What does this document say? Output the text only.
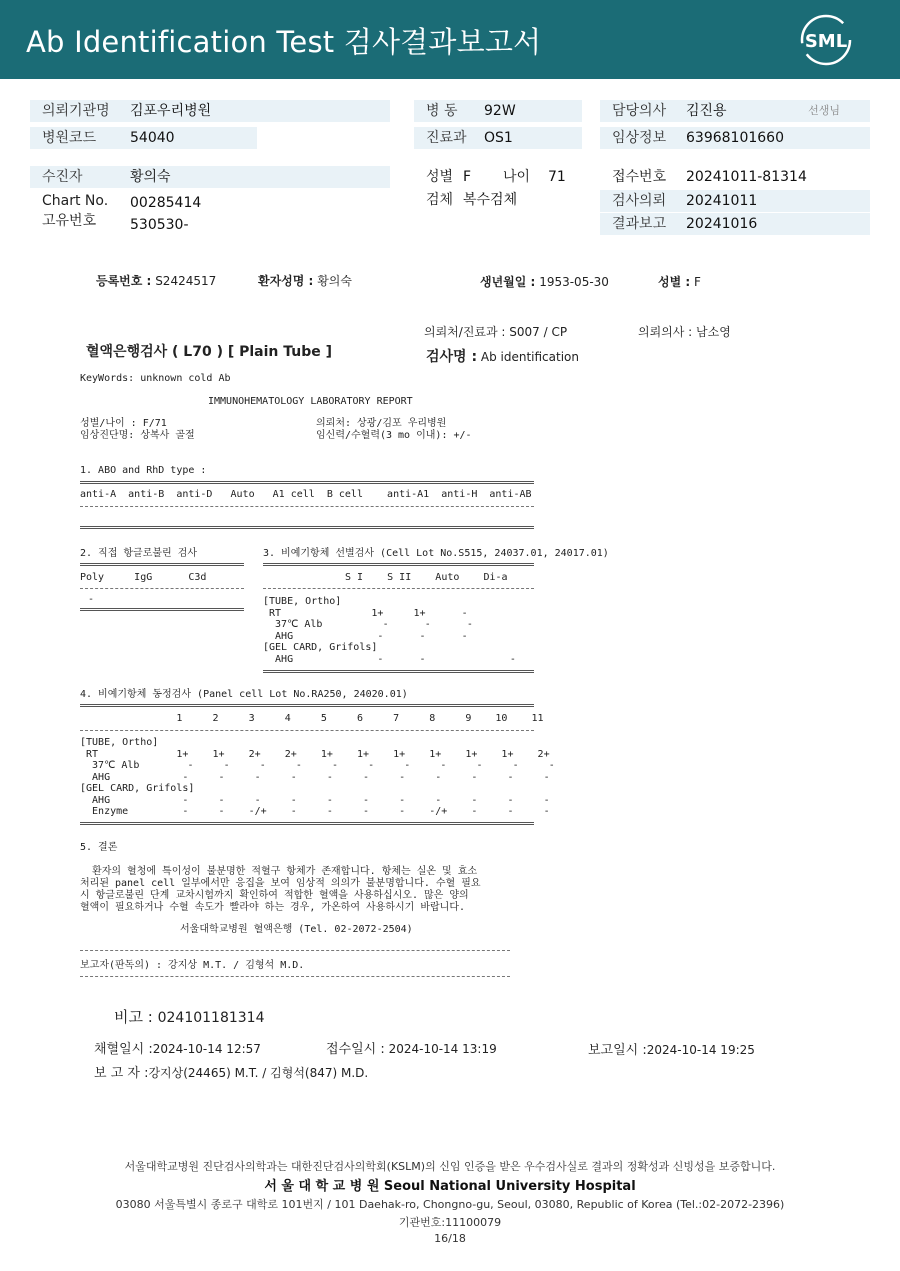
Ab Identification Test 검사결과보고서	SML
의뢰기관명 김포우리병원
병원코드 54040
병 동 92W
진료과 OS1
담당의사 김진용	선생님
임상정보 63968101660
수진자	황의숙
Chart No. 00285414
고유번호 530530-
성별 F 나이 71
검체 복수검체
접수번호 20241011-81314
검사의뢰 20241011
결과보고 20241016
등록번호 : S2424517	환자성명 : 황의숙	생년월일 : 1953-05-30	성별 : F
의뢰처/진료과 : S007 / CP	의뢰의사 : 남소영
혈액은행검사 ( L70 ) [ Plain Tube ]	검사명 : Ab identification
KeyWords: unknown cold Ab
IMMUNOHEMATOLOGY LABORATORY REPORT
성별/나이 : F/71
임상진단명: 상복사 골절
의뢰처: 상광/김포 우리병원
임신력/수혈력(3 mo 이내): +/-
1. ABO and RhD type :
anti-A  anti-B  anti-D   Auto   A1 cell  B cell    anti-A1  anti-H  anti-AB
2. 직접 항글로불린 검사
Poly     IgG      C3d
-
3. 비예기항체 선별검사 (Cell Lot No.S515, 24037.01, 24017.01)
S I    S II    Auto    Di-a
[TUBE, Ortho]
RT               1+     1+      -
37℃ Alb          -      -      -
AHG              -      -      -
[GEL CARD, Grifols]
AHG              -      -              -
4. 비예기항체 동정검사 (Panel cell Lot No.RA250, 24020.01)
1     2     3     4     5     6     7     8     9    10    11
[TUBE, Ortho]
RT             1+    1+    2+    2+    1+    1+    1+    1+    1+    1+    2+
37℃ Alb        -     -     -     -     -     -     -     -     -     -     -
AHG            -     -     -     -     -     -     -     -     -     -     -
[GEL CARD, Grifols]
AHG            -     -     -     -     -     -     -     -     -     -     -
Enzyme         -     -    -/+    -     -     -     -    -/+    -     -     -
5. 결론
환자의 혈청에 특이성이 불분명한 적혈구 항체가 존재합니다. 항체는 실온 및 효소
처리된 panel cell 일부에서만 응집을 보여 임상적 의의가 불분명합니다. 수혈 필요
시 항글로불린 단계 교차시험까지 확인하여 적합한 혈액을 사용하십시오. 많은 양의
혈액이 필요하거나 수혈 속도가 빨라야 하는 경우, 가온하여 사용하시기 바랍니다.
서울대학교병원 혈액은행 (Tel. 02-2072-2504)
보고자(판독의) : 강지상 M.T. / 김형석 M.D.
비고 : 024101181314
채혈일시 :2024-10-14 12:57	접수일시 : 2024-10-14 13:19	보고일시 :2024-10-14 19:25
보 고 자 :강지상(24465) M.T. / 김형석(847) M.D.
서울대학교병원 진단검사의학과는 대한진단검사의학회(KSLM)의 신임 인증을 받은 우수검사실로 결과의 정확성과 신빙성을 보증합니다.
서 울 대 학 교 병 원 Seoul National University Hospital
03080 서울특별시 종로구 대학로 101번지 / 101 Daehak-ro, Chongno-gu, Seoul, 03080, Republic of Korea (Tel.:02-2072-2396)
기관번호:11100079
16/18
